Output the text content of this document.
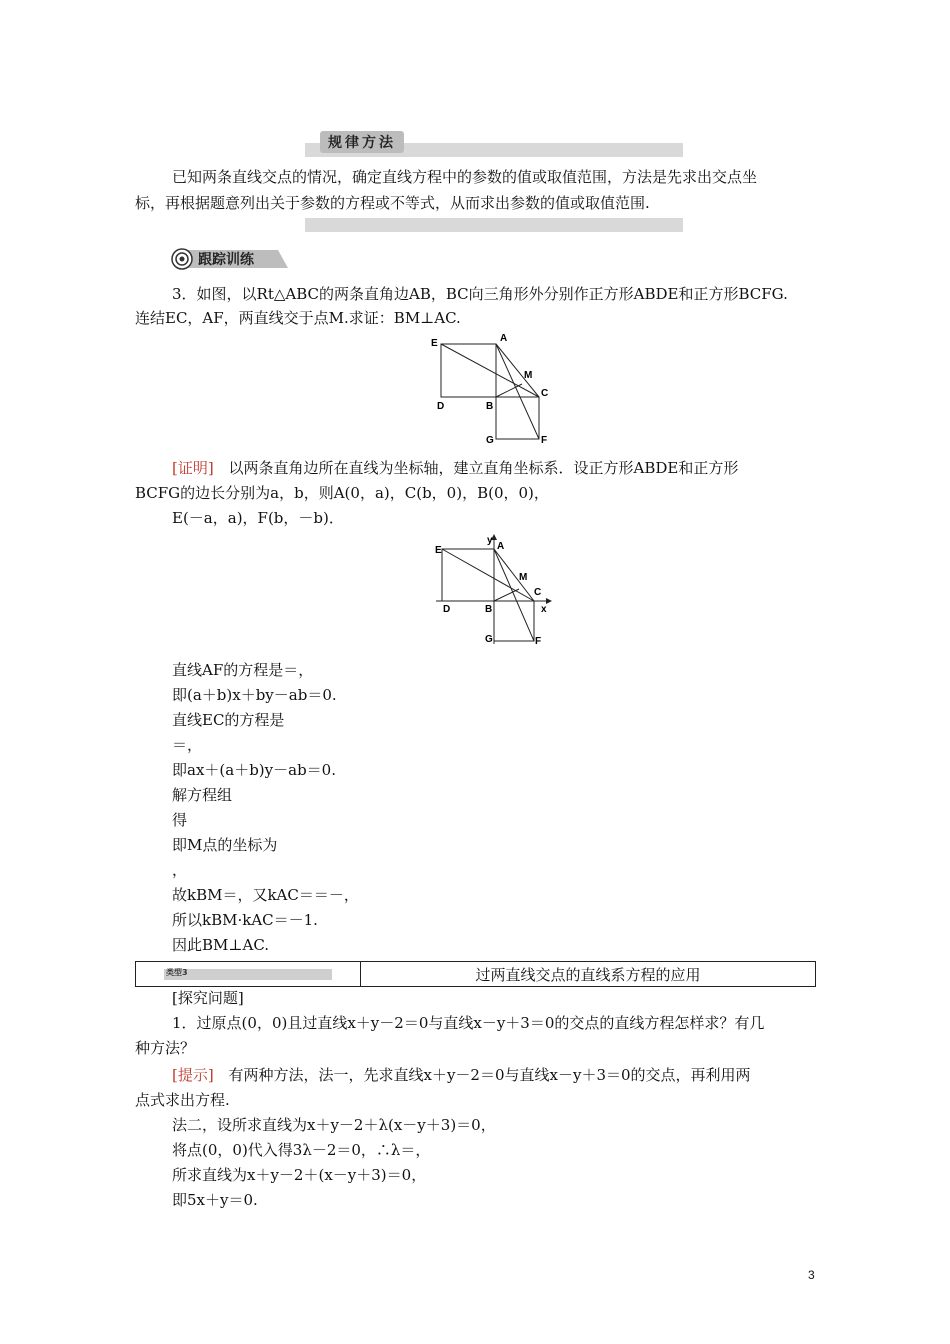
规律方法
已知两条直线交点的情况，确定直线方程中的参数的值或取值范围，方法是先求出交点坐
标，再根据题意列出关于参数的方程或不等式，从而求出参数的值或取值范围.
跟踪训练
3．如图，以Rt△ABC的两条直角边AB，BC向三角形外分别作正方形ABDE和正方形BCFG.
连结EC，AF，两直线交于点M.求证：BM⊥AC.
E	A
M
C
D	B
G	F
[证明] 以两条直角边所在直线为坐标轴，建立直角坐标系．设正方形ABDE和正方形
BCFG的边长分别为a，b，则A(0，a)，C(b，0)，B(0，0)，
E(－a，a)，F(b，－b)．
E
y
A
M
C
x
D	B
G	F
直线AF的方程是＝，
即(a＋b)x＋by－ab＝0.
直线EC的方程是
＝，
即ax＋(a＋b)y－ab＝0.
解方程组
得
即M点的坐标为
，
故kBM＝，又kAC＝＝－，
所以kBM·kAC＝－1.
因此BM⊥AC.
类型3	过两直线交点的直线系方程的应用
[探究问题]
1．过原点(0，0)且过直线x＋y－2＝0与直线x－y＋3＝0的交点的直线方程怎样求？有几
种方法？
[提示] 有两种方法，法一，先求直线x＋y－2＝0与直线x－y＋3＝0的交点，再利用两
点式求出方程.
法二，设所求直线为x＋y－2＋λ(x－y＋3)＝0，
将点(0，0)代入得3λ－2＝0，∴λ＝，
所求直线为x＋y－2＋(x－y＋3)＝0，
即5x＋y＝0.
3
